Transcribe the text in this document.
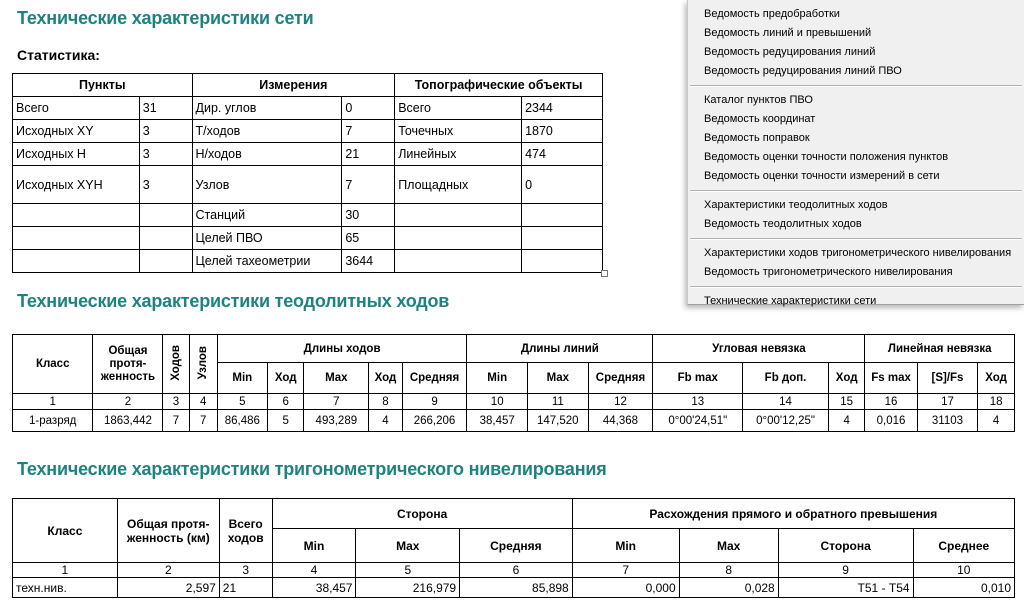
Технические характеристики сети
Статистика:
Пункты		Измерения		Топографические объекты	
Всего	31	Дир. углов	0	Всего	2344
Исходных XY	3	Т/ходов	7	Точечных	1870
Исходных H	3	Н/ходов	21	Линейных	474
Исходных XYH	3	Узлов	7	Площадных	0
		Станций	30		
		Целей ПВО	65		
		Целей тахеометрии	3644		
Технические характеристики теодолитных ходов
Класс	Общая протя-женность	Ходов	Узлов	Длины ходов					Длины линий			Угловая невязка			Линейная невязка		
				Min	Ход	Max	Ход	Средняя	Min	Max	Средняя	Fb max	Fb доп.	Ход	Fs max	[S]/Fs	Ход
1	2	3	4	5	6	7	8	9	10	11	12	13	14	15	16	17	18
1-разряд	1863,442	7	7	86,486	5	493,289	4	266,206	38,457	147,520	44,368	0°00'24,51"	0°00'12,25"	4	0,016	31103	4
Технические характеристики тригонометрического нивелирования
Класс	Общая протя-женность (км)	Всего ходов	Сторона			Расхождения прямого и обратного превышения			
			Min	Max	Средняя	Min	Max	Сторона	Среднее
1	2	3	4	5	6	7	8	9	10
техн.нив.	2,597	21	38,457	216,979	85,898	0,000	0,028	Т51 - Т54	0,010
Ведомость предобработки
Ведомость линий и превышений
Ведомость редуцирования линий
Ведомость редуцирования линий ПВО
Каталог пунктов ПВО
Ведомость координат
Ведомость поправок
Ведомость оценки точности положения пунктов
Ведомость оценки точности измерений в сети
Характеристики теодолитных ходов
Ведомость теодолитных ходов
Характеристики ходов тригонометрического нивелирования
Ведомость тригонометрического нивелирования
Технические характеристики сети
